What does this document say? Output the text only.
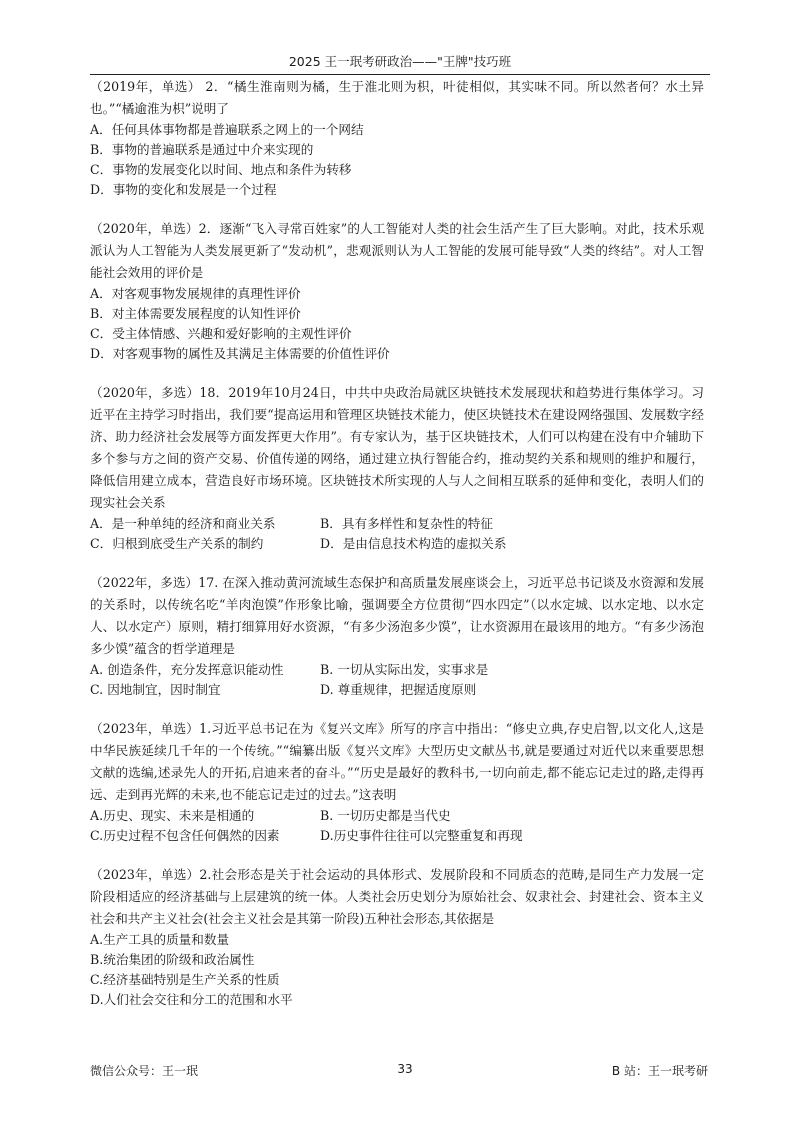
2025 王一珉考研政治——"王牌"技巧班

（2019年，单选） 2．“橘生淮南则为橘，生于淮北则为枳，叶徒相似，其实味不同。所以然者何？水土异也。”“橘逾淮为枳”说明了

A．任何具体事物都是普遍联系之网上的一个网结
B．事物的普遍联系是通过中介来实现的
C．事物的发展变化以时间、地点和条件为转移
D．事物的变化和发展是一个过程

（2020年，单选）2．逐渐“飞入寻常百姓家”的人工智能对人类的社会生活产生了巨大影响。对此，技术乐观派认为人工智能为人类发展更新了“发动机”，悲观派则认为人工智能的发展可能导致“人类的终结”。对人工智能社会效用的评价是

A．对客观事物发展规律的真理性评价
B．对主体需要发展程度的认知性评价
C．受主体情感、兴趣和爱好影响的主观性评价
D．对客观事物的属性及其满足主体需要的价值性评价

（2020年，多选）18．2019年10月24日，中共中央政治局就区块链技术发展现状和趋势进行集体学习。习近平在主持学习时指出，我们要“提高运用和管理区块链技术能力，使区块链技术在建设网络强国、发展数字经济、助力经济社会发展等方面发挥更大作用”。有专家认为，基于区块链技术，人们可以构建在没有中介辅助下多个参与方之间的资产交易、价值传递的网络，通过建立执行智能合约，推动契约关系和规则的维护和履行，降低信用建立成本，营造良好市场环境。区块链技术所实现的人与人之间相互联系的延伸和变化，表明人们的现实社会关系

A．是一种单纯的经济和商业关系	B．具有多样性和复杂性的特征
C．归根到底受生产关系的制约	D．是由信息技术构造的虚拟关系

（2022年，多选）17. 在深入推动黄河流域生态保护和高质量发展座谈会上，习近平总书记谈及水资源和发展的关系时，以传统名吃“羊肉泡馍”作形象比喻，强调要全方位贯彻“四水四定”（以水定城、以水定地、以水定人、以水定产）原则，精打细算用好水资源，“有多少汤泡多少馍”，让水资源用在最该用的地方。“有多少汤泡多少馍”蕴含的哲学道理是

A. 创造条件，充分发挥意识能动性	B. 一切从实际出发，实事求是
C. 因地制宜，因时制宜	D. 尊重规律，把握适度原则

（2023年，单选）1.习近平总书记在为《复兴文库》所写的序言中指出：“修史立典,存史启智,以文化人,这是中华民族延续几千年的一个传统。”“编纂出版《复兴文库》大型历史文献丛书,就是要通过对近代以来重要思想文献的选编,述录先人的开拓,启迪来者的奋斗。”“历史是最好的教科书,一切向前走,都不能忘记走过的路,走得再远、走到再光辉的未来,也不能忘记走过的过去。”这表明

A.历史、现实、未来是相通的	B. 一切历史都是当代史
C.历史过程不包含任何偶然的因素	D.历史事件往往可以完整重复和再现

（2023年，单选）2.社会形态是关于社会运动的具体形式、发展阶段和不同质态的范畴,是同生产力发展一定阶段相适应的经济基础与上层建筑的统一体。人类社会历史划分为原始社会、奴隶社会、封建社会、资本主义社会和共产主义社会(社会主义社会是其第一阶段)五种社会形态,其依据是

A.生产工具的质量和数量
B.统治集团的阶级和政治属性
C.经济基础特别是生产关系的性质
D.人们社会交往和分工的范围和水平
微信公众号：王一珉	33	B 站：王一珉考研
